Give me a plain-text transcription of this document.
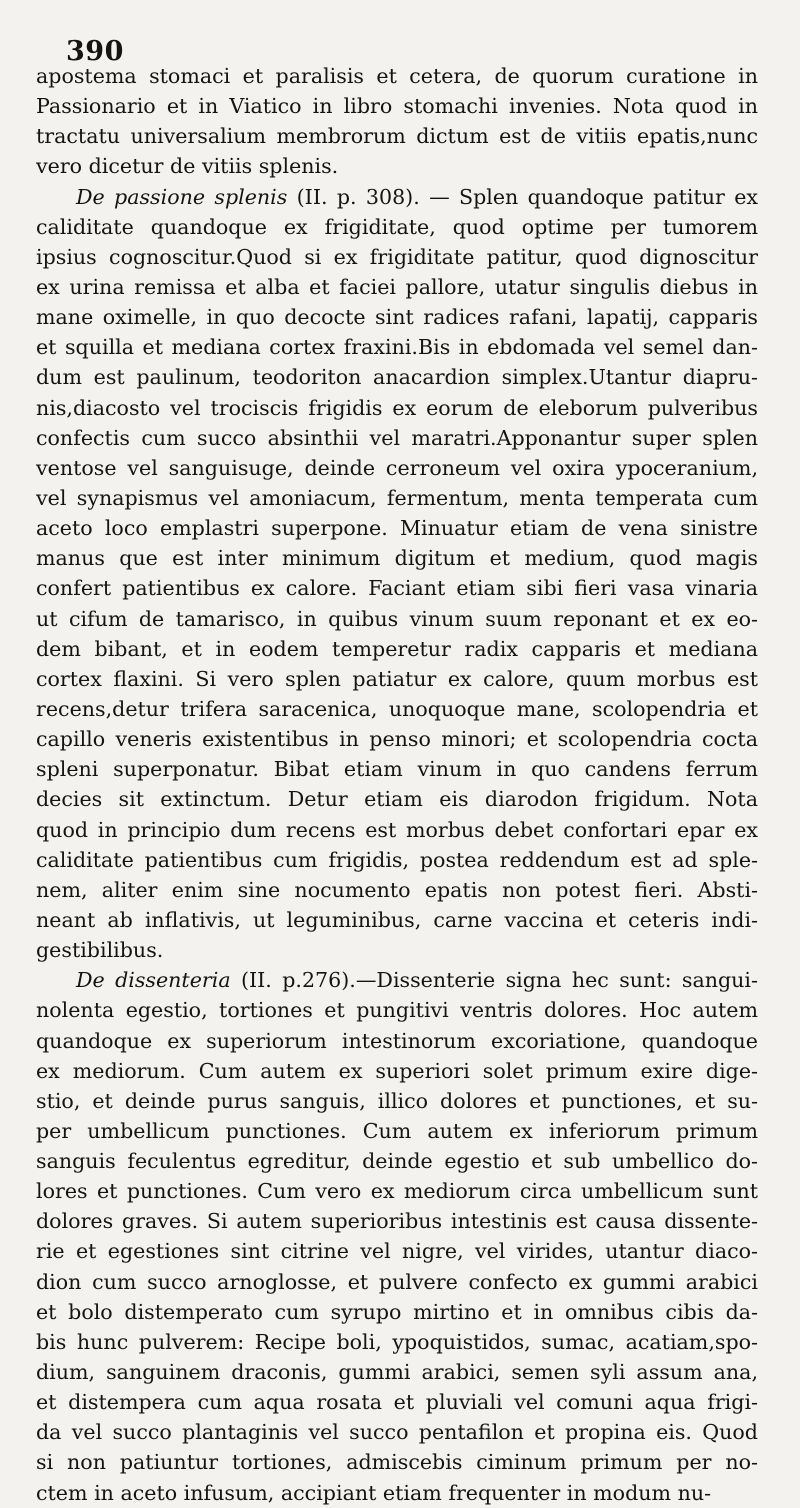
390
apostema stomaci et paralisis et cetera, de quorum curatione in
Passionario et in Viatico in libro stomachi invenies. Nota quod in
tractatu universalium membrorum dictum est de vitiis epatis,nunc
vero dicetur de vitiis splenis.
De passione splenis (II. p. 308). — Splen quandoque patitur ex
caliditate quandoque ex frigiditate, quod optime per tumorem
ipsius cognoscitur.Quod si ex frigiditate patitur, quod dignoscitur
ex urina remissa et alba et faciei pallore, utatur singulis diebus in
mane oximelle, in quo decocte sint radices rafani, lapatij, capparis
et squilla et mediana cortex fraxini.Bis in ebdomada vel semel dan-
dum est paulinum, teodoriton anacardion simplex.Utantur diapru-
nis,diacosto vel trociscis frigidis ex eorum de eleborum pulveribus
confectis cum succo absinthii vel maratri.Apponantur super splen
ventose vel sanguisuge, deinde cerroneum vel oxira ypoceranium,
vel synapismus vel amoniacum, fermentum, menta temperata cum
aceto loco emplastri superpone. Minuatur etiam de vena sinistre
manus que est inter minimum digitum et medium, quod magis
confert patientibus ex calore. Faciant etiam sibi fieri vasa vinaria
ut cifum de tamarisco, in quibus vinum suum reponant et ex eo-
dem bibant, et in eodem temperetur radix capparis et mediana
cortex flaxini. Si vero splen patiatur ex calore, quum morbus est
recens,detur trifera saracenica, unoquoque mane, scolopendria et
capillo veneris existentibus in penso minori; et scolopendria cocta
spleni superponatur. Bibat etiam vinum in quo candens ferrum
decies sit extinctum. Detur etiam eis diarodon frigidum. Nota
quod in principio dum recens est morbus debet confortari epar ex
caliditate patientibus cum frigidis, postea reddendum est ad sple-
nem, aliter enim sine nocumento epatis non potest fieri. Absti-
neant ab inflativis, ut leguminibus, carne vaccina et ceteris indi-
gestibilibus.
De dissenteria (II. p.276).—Dissenterie signa hec sunt: sangui-
nolenta egestio, tortiones et pungitivi ventris dolores. Hoc autem
quandoque ex superiorum intestinorum excoriatione, quandoque
ex mediorum. Cum autem ex superiori solet primum exire dige-
stio, et deinde purus sanguis, illico dolores et punctiones, et su-
per umbellicum punctiones. Cum autem ex inferiorum primum
sanguis feculentus egreditur, deinde egestio et sub umbellico do-
lores et punctiones. Cum vero ex mediorum circa umbellicum sunt
dolores graves. Si autem superioribus intestinis est causa dissente-
rie et egestiones sint citrine vel nigre, vel virides, utantur diaco-
dion cum succo arnoglosse, et pulvere confecto ex gummi arabici
et bolo distemperato cum syrupo mirtino et in omnibus cibis da-
bis hunc pulverem: Recipe boli, ypoquistidos, sumac, acatiam,spo-
dium, sanguinem draconis, gummi arabici, semen syli assum ana,
et distempera cum aqua rosata et pluviali vel comuni aqua frigi-
da vel succo plantaginis vel succo pentafilon et propina eis. Quod
si non patiuntur tortiones, admiscebis ciminum primum per no-
ctem in aceto infusum, accipiant etiam frequenter in modum nu-
